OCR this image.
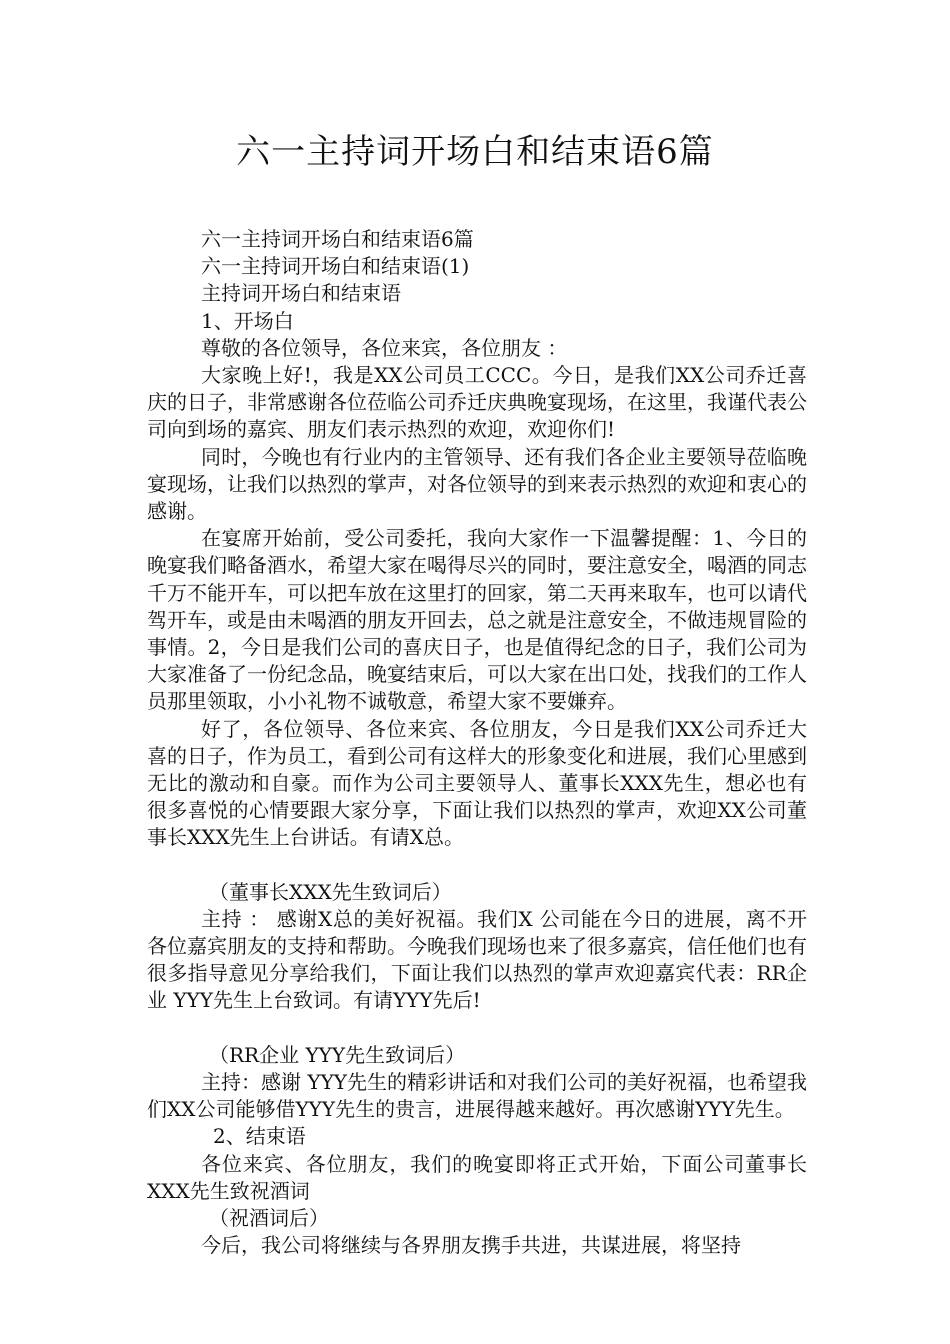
六一主持词开场白和结束语6篇

六一主持词开场白和结束语6篇

六一主持词开场白和结束语(1)

主持词开场白和结束语

1、开场白

尊敬的各位领导，各位来宾，各位朋友 ：

大家晚上好!，我是XX公司员工CCC。今日，是我们XX公司乔迁喜庆的日子，非常感谢各位莅临公司乔迁庆典晚宴现场，在这里，我谨代表公司向到场的嘉宾、朋友们表示热烈的欢迎，欢迎你们!

同时，今晚也有行业内的主管领导、还有我们各企业主要领导莅临晚宴现场，让我们以热烈的掌声，对各位领导的到来表示热烈的欢迎和衷心的感谢。

在宴席开始前，受公司委托，我向大家作一下温馨提醒：1、今日的晚宴我们略备酒水，希望大家在喝得尽兴的同时，要注意安全，喝酒的同志千万不能开车，可以把车放在这里打的回家，第二天再来取车，也可以请代驾开车，或是由未喝酒的朋友开回去，总之就是注意安全，不做违规冒险的事情。2，今日是我们公司的喜庆日子，也是值得纪念的日子，我们公司为大家准备了一份纪念品，晚宴结束后，可以大家在出口处，找我们的工作人员那里领取，小小礼物不诚敬意，希望大家不要嫌弃。

好了，各位领导、各位来宾、各位朋友，今日是我们XX公司乔迁大喜的日子，作为员工，看到公司有这样大的形象变化和进展，我们心里感到无比的激动和自豪。而作为公司主要领导人、董事长XXX先生，想必也有很多喜悦的心情要跟大家分享，下面让我们以热烈的掌声，欢迎XX公司董事长XXX先生上台讲话。有请X总。

（董事长XXX先生致词后）

主持 ： 感谢X总的美好祝福。我们X 公司能在今日的进展，离不开各位嘉宾朋友的支持和帮助。今晚我们现场也来了很多嘉宾，信任他们也有很多指导意见分享给我们，下面让我们以热烈的掌声欢迎嘉宾代表：RR企业 YYY先生上台致词。有请YYY先后!

（RR企业 YYY先生致词后）

主持：感谢 YYY先生的精彩讲话和对我们公司的美好祝福，也希望我们XX公司能够借YYY先生的贵言，进展得越来越好。再次感谢YYY先生。

2、结束语

各位来宾、各位朋友，我们的晚宴即将正式开始，下面公司董事长XXX先生致祝酒词

（祝酒词后）

今后，我公司将继续与各界朋友携手共进，共谋进展，将坚持
